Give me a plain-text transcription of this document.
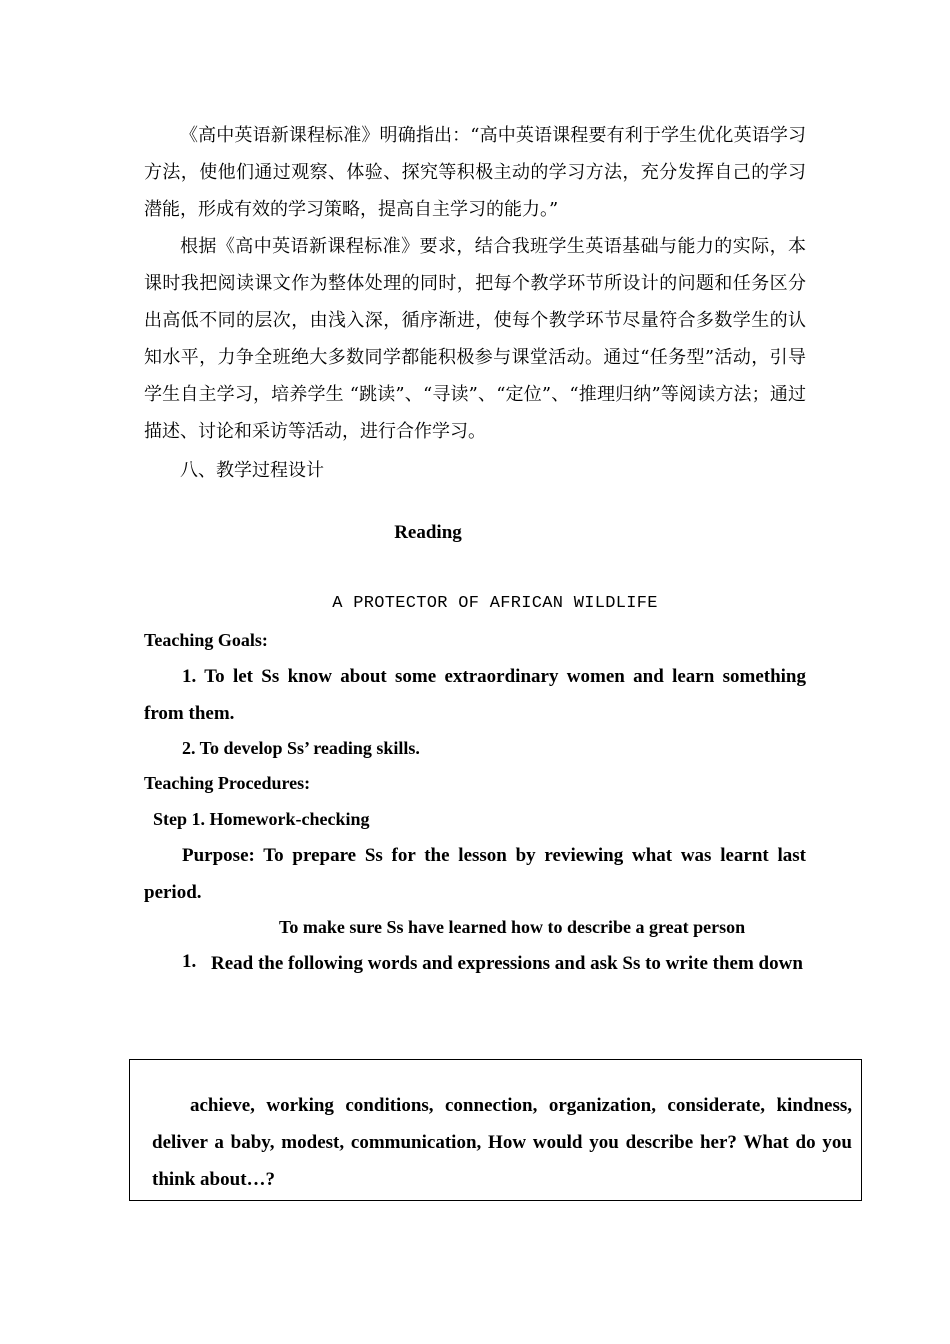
《高中英语新课程标准》明确指出：“高中英语课程要有利于学生优化英语学习方法，使他们通过观察、体验、探究等积极主动的学习方法，充分发挥自己的学习潜能，形成有效的学习策略，提高自主学习的能力。”
根据《高中英语新课程标准》要求，结合我班学生英语基础与能力的实际，本课时我把阅读课文作为整体处理的同时，把每个教学环节所设计的问题和任务区分出高低不同的层次，由浅入深，循序渐进，使每个教学环节尽量符合多数学生的认知水平，力争全班绝大多数同学都能积极参与课堂活动。通过“任务型”活动，引导学生自主学习，培养学生 “跳读”、“寻读”、“定位”、“推理归纳”等阅读方法；通过描述、讨论和采访等活动，进行合作学习。
八、教学过程设计
Reading
A PROTECTOR OF AFRICAN WILDLIFE
Teaching Goals:
1. To let Ss know about some extraordinary women and learn something from them.
2. To develop Ss’ reading skills.
Teaching Procedures:
Step 1. Homework-checking
Purpose: To prepare Ss for the lesson by reviewing what was learnt last period.
To make sure Ss have learned how to describe a great person
1. Read the following words and expressions and ask Ss to write them down
achieve, working conditions, connection, organization, considerate, kindness, deliver a baby, modest, communication, How would you describe her? What do you think about…?
